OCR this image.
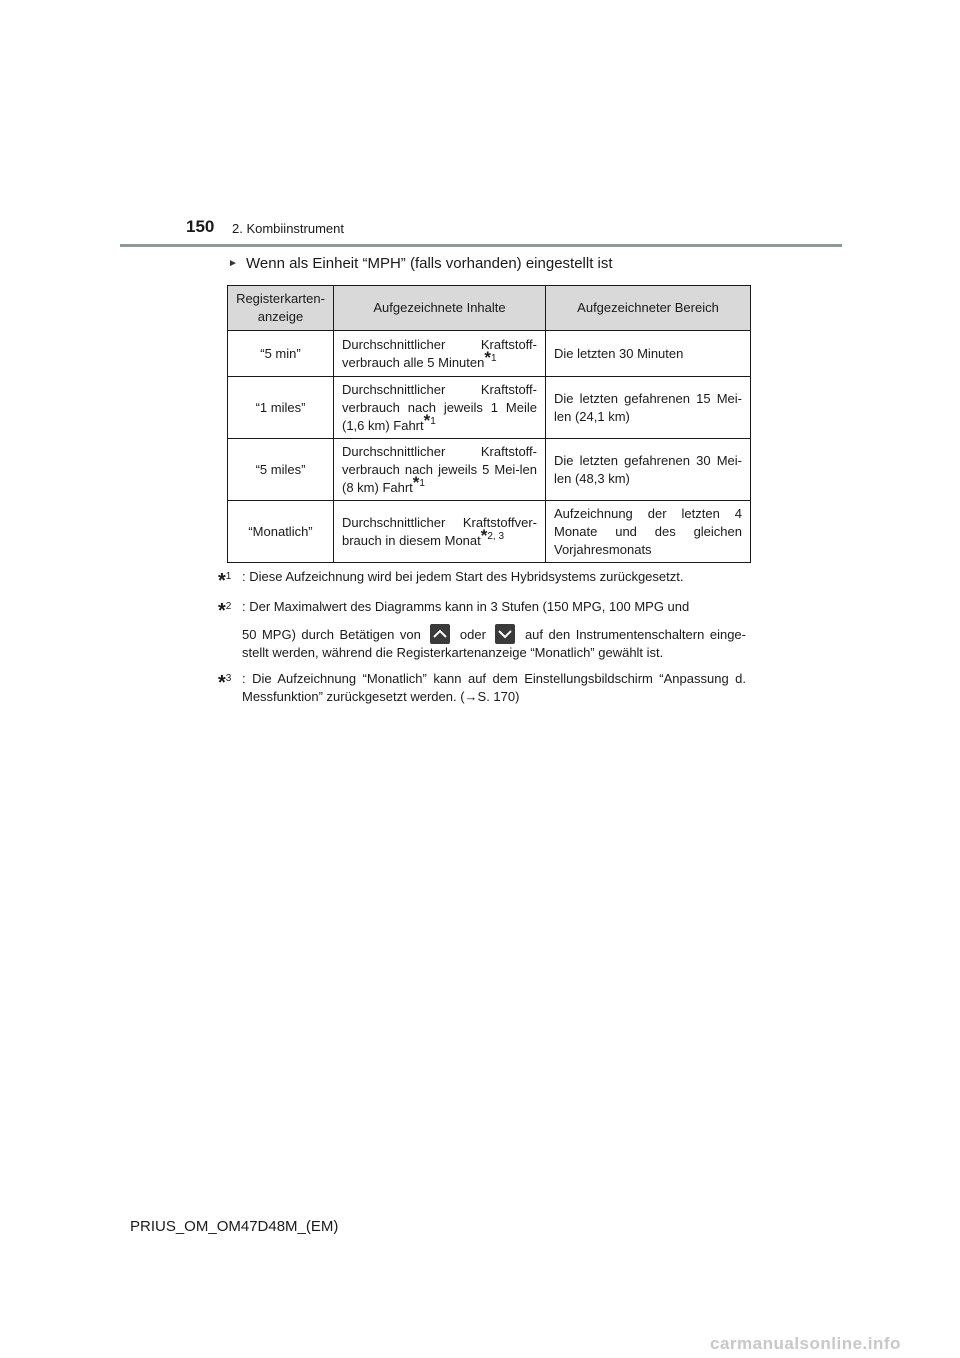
150 2. Kombiinstrument
► Wenn als Einheit “MPH” (falls vorhanden) eingestellt ist
Registerkarten-
anzeige	Aufgezeichnete Inhalte	Aufgezeichneter Bereich
“5 min”	Durchschnittlicher Kraftstoff-verbrauch alle 5 Minuten$^{*1}$	Die letzten 30 Minuten
“1 miles”	Durchschnittlicher Kraftstoff-verbrauch nach jeweils 1 Meile (1,6 km) Fahrt$^{*1}$	Die letzten gefahrenen 15 Mei-len (24,1 km)
“5 miles”	Durchschnittlicher Kraftstoff-verbrauch nach jeweils 5 Mei-len (8 km) Fahrt$^{*1}$	Die letzten gefahrenen 30 Mei-len (48,3 km)
“Monatlich”	Durchschnittlicher Kraftstoffver-brauch in diesem Monat$^{*2, 3}$	Aufzeichnung der letzten 4 Monate und des gleichen Vorjahresmonats
*$^1$ : Diese Aufzeichnung wird bei jedem Start des Hybridsystems zurückgesetzt.
*$^2$ : Der Maximalwert des Diagramms kann in 3 Stufen (150 MPG, 100 MPG und
50 MPG) durch Betätigen von	oder	auf den Instrumentenschaltern einge-
stellt werden, während die Registerkartenanzeige “Monatlich” gewählt ist.
*$^3$ : Die Aufzeichnung “Monatlich” kann auf dem Einstellungsbildschirm “Anpassung d. Messfunktion” zurückgesetzt werden. (→S. 170)
PRIUS_OM_OM47D48M_(EM)
carmanualsonline.info
